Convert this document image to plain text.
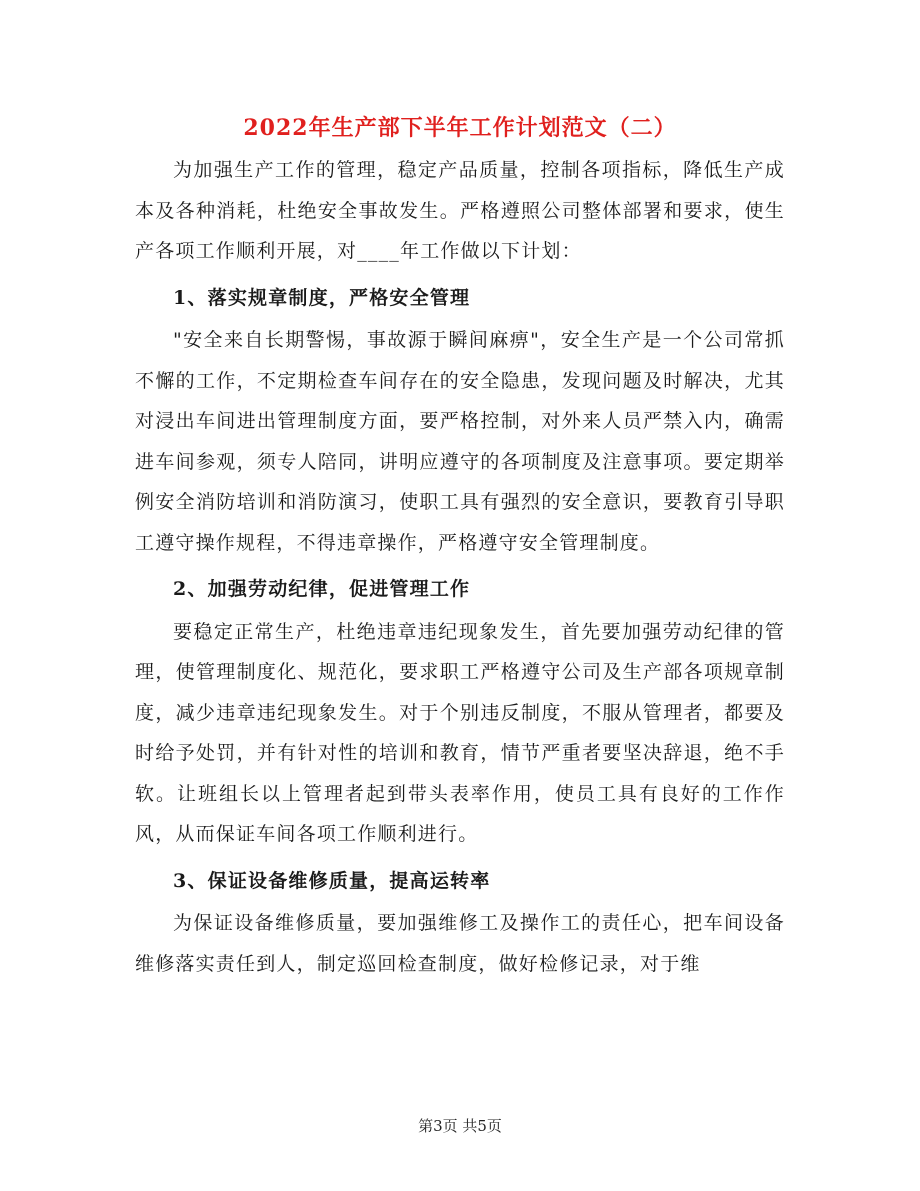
2022年生产部下半年工作计划范文（二）

为加强生产工作的管理，稳定产品质量，控制各项指标，降低生产成本及各种消耗，杜绝安全事故发生。严格遵照公司整体部署和要求，使生产各项工作顺利开展，对____年工作做以下计划：

1、落实规章制度，严格安全管理

"安全来自长期警惕，事故源于瞬间麻痹"，安全生产是一个公司常抓不懈的工作，不定期检查车间存在的安全隐患，发现问题及时解决，尤其对浸出车间进出管理制度方面，要严格控制，对外来人员严禁入内，确需进车间参观，须专人陪同，讲明应遵守的各项制度及注意事项。要定期举例安全消防培训和消防演习，使职工具有强烈的安全意识，要教育引导职工遵守操作规程，不得违章操作，严格遵守安全管理制度。

2、加强劳动纪律，促进管理工作

要稳定正常生产，杜绝违章违纪现象发生，首先要加强劳动纪律的管理，使管理制度化、规范化，要求职工严格遵守公司及生产部各项规章制度，减少违章违纪现象发生。对于个别违反制度，不服从管理者，都要及时给予处罚，并有针对性的培训和教育，情节严重者要坚决辞退，绝不手软。让班组长以上管理者起到带头表率作用，使员工具有良好的工作作风，从而保证车间各项工作顺利进行。

3、保证设备维修质量，提高运转率

为保证设备维修质量，要加强维修工及操作工的责任心，把车间设备维修落实责任到人，制定巡回检查制度，做好检修记录，对于维

第3页 共5页
